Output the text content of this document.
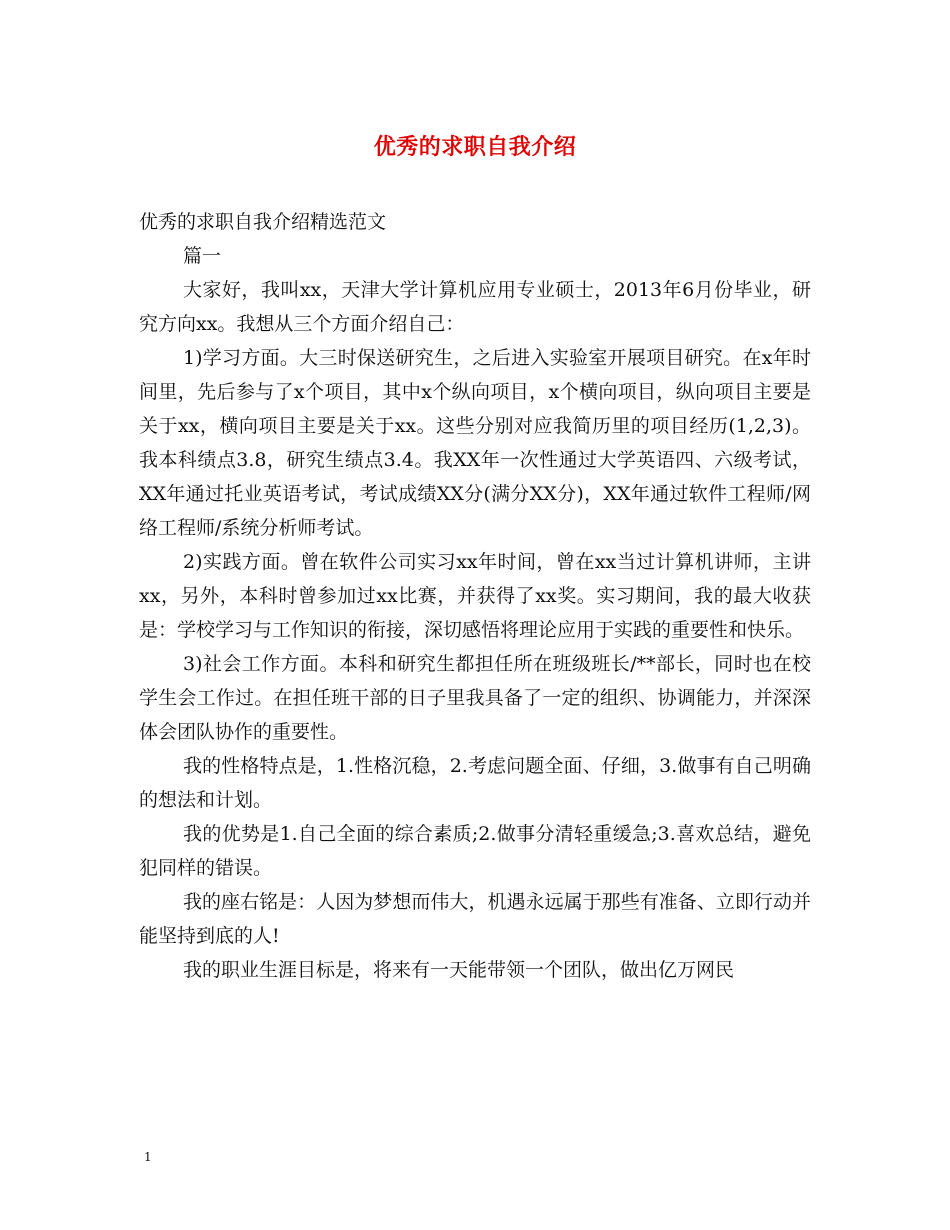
优秀的求职自我介绍

优秀的求职自我介绍精选范文

篇一

大家好，我叫xx，天津大学计算机应用专业硕士，2013年6月份毕业，研究方向xx。我想从三个方面介绍自己：

1)学习方面。大三时保送研究生，之后进入实验室开展项目研究。在x年时间里，先后参与了x个项目，其中x个纵向项目，x个横向项目，纵向项目主要是关于xx，横向项目主要是关于xx。这些分别对应我简历里的项目经历(1,2,3)。我本科绩点3.8，研究生绩点3.4。我XX年一次性通过大学英语四、六级考试，XX年通过托业英语考试，考试成绩XX分(满分XX分)，XX年通过软件工程师/网络工程师/系统分析师考试。

2)实践方面。曾在软件公司实习xx年时间，曾在xx当过计算机讲师，主讲xx，另外，本科时曾参加过xx比赛，并获得了xx奖。实习期间，我的最大收获是：学校学习与工作知识的衔接，深切感悟将理论应用于实践的重要性和快乐。

3)社会工作方面。本科和研究生都担任所在班级班长/**部长，同时也在校学生会工作过。在担任班干部的日子里我具备了一定的组织、协调能力，并深深体会团队协作的重要性。

我的性格特点是，1.性格沉稳，2.考虑问题全面、仔细，3.做事有自己明确的想法和计划。

我的优势是1.自己全面的综合素质;2.做事分清轻重缓急;3.喜欢总结，避免犯同样的错误。

我的座右铭是：人因为梦想而伟大，机遇永远属于那些有准备、立即行动并能坚持到底的人!

我的职业生涯目标是，将来有一天能带领一个团队，做出亿万网民

1
